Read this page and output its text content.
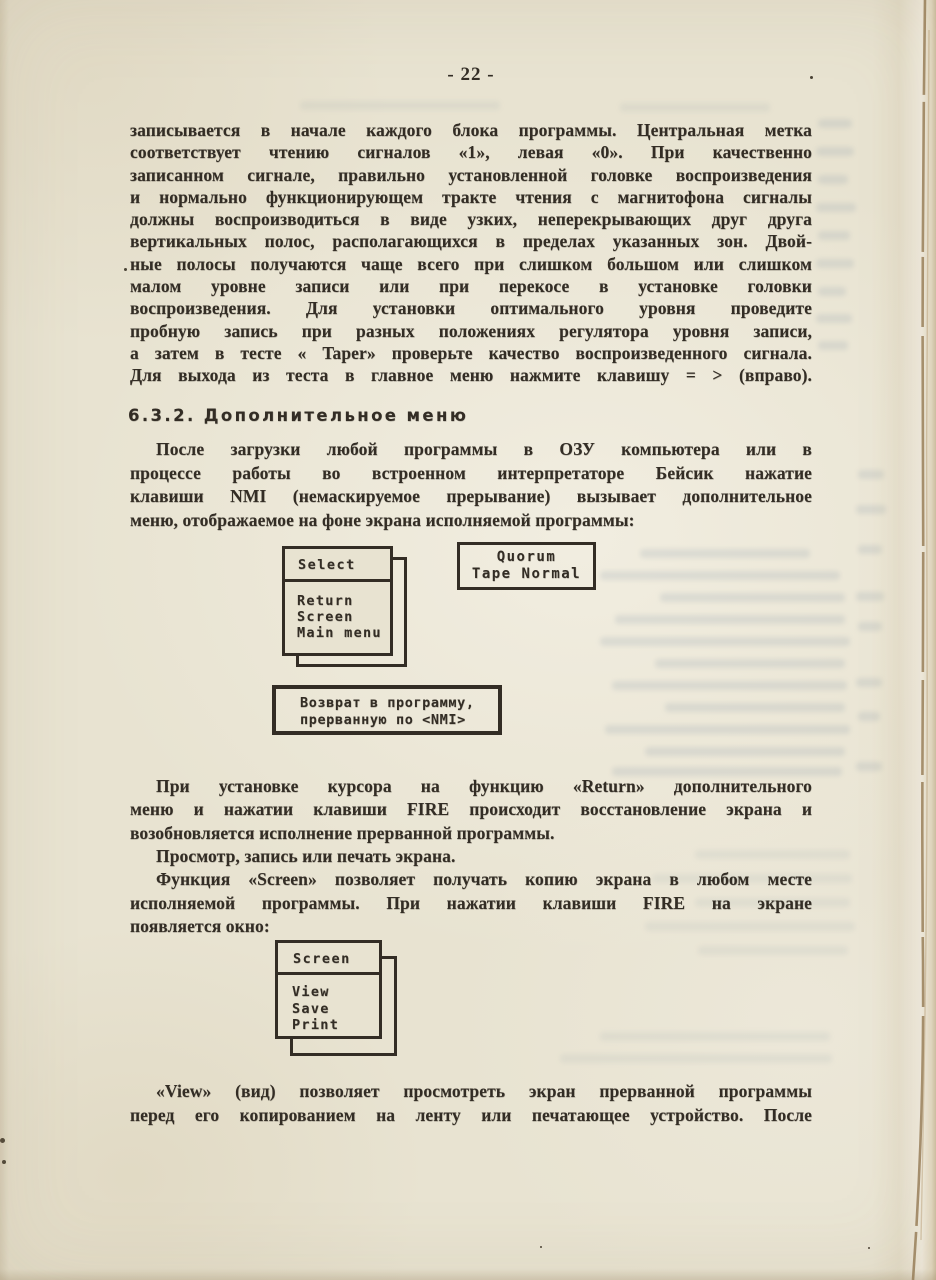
- 22 -
записывается в начале каждого блока программы. Центральная метка
соответствует чтению сигналов «1», левая «0». При качественно
записанном сигнале, правильно установленной головке воспроизведения
и нормально функционирующем тракте чтения с магнитофона сигналы
должны воспроизводиться в виде узких, неперекрывающих друг друга
вертикальных полос, располагающихся в пределах указанных зон. Двой-
ные полосы получаются чаще всего при слишком большом или слишком
малом уровне записи или при перекосе в установке головки
воспроизведения. Для установки оптимального уровня проведите
пробную запись при разных положениях регулятора уровня записи,
а затем в тесте « Taper» проверьте качество воспроизведенного сигнала.
Для выхода из теста в главное меню нажмите клавишу = > (вправо).
6.3.2. Дополнительное меню
После загрузки любой программы в ОЗУ компьютера или в
процессе работы во встроенном интерпретаторе Бейсик нажатие
клавиши NMI (немаскируемое прерывание) вызывает дополнительное
меню, отображаемое на фоне экрана исполняемой программы:
Select
Return
Screen
Main menu
Quorum
Tape Normal
Возврат в программу,
прерванную по <NMI>
При установке курсора на функцию «Return» дополнительного
меню и нажатии клавиши FIRE происходит восстановление экрана и
возобновляется исполнение прерванной программы.
Просмотр, запись или печать экрана.
Функция «Screen» позволяет получать копию экрана в любом месте
исполняемой программы. При нажатии клавиши FIRE на экране
появляется окно:
Screen
View
Save
Print
«View» (вид) позволяет просмотреть экран прерванной программы
перед его копированием на ленту или печатающее устройство. После
